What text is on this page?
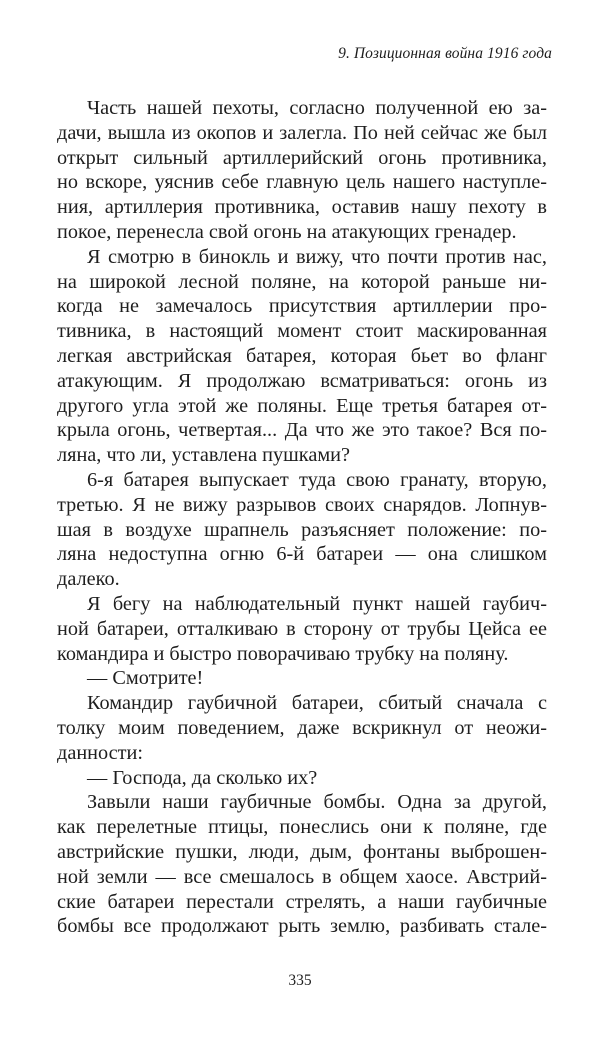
9. Позиционная война 1916 года
Часть нашей пехоты, согласно полученной ею за-
дачи, вышла из окопов и залегла. По ней сейчас же был
открыт сильный артиллерийский огонь противника,
но вскоре, уяснив себе главную цель нашего наступле-
ния, артиллерия противника, оставив нашу пехоту в
покое, перенесла свой огонь на атакующих гренадер.
Я смотрю в бинокль и вижу, что почти против нас,
на широкой лесной поляне, на которой раньше ни-
когда не замечалось присутствия артиллерии про-
тивника, в настоящий момент стоит маскированная
легкая австрийская батарея, которая бьет во фланг
атакующим. Я продолжаю всматриваться: огонь из
другого угла этой же поляны. Еще третья батарея от-
крыла огонь, четвертая... Да что же это такое? Вся по-
ляна, что ли, уставлена пушками?
6-я батарея выпускает туда свою гранату, вторую,
третью. Я не вижу разрывов своих снарядов. Лопнув-
шая в воздухе шрапнель разъясняет положение: по-
ляна недоступна огню 6-й батареи — она слишком
далеко.
Я бегу на наблюдательный пункт нашей гаубич-
ной батареи, отталкиваю в сторону от трубы Цейса ее
командира и быстро поворачиваю трубку на поляну.
— Смотрите!
Командир гаубичной батареи, сбитый сначала с
толку моим поведением, даже вскрикнул от неожи-
данности:
— Господа, да сколько их?
Завыли наши гаубичные бомбы. Одна за другой,
как перелетные птицы, понеслись они к поляне, где
австрийские пушки, люди, дым, фонтаны выброшен-
ной земли — все смешалось в общем хаосе. Австрий-
ские батареи перестали стрелять, а наши гаубичные
бомбы все продолжают рыть землю, разбивать стале-
335
